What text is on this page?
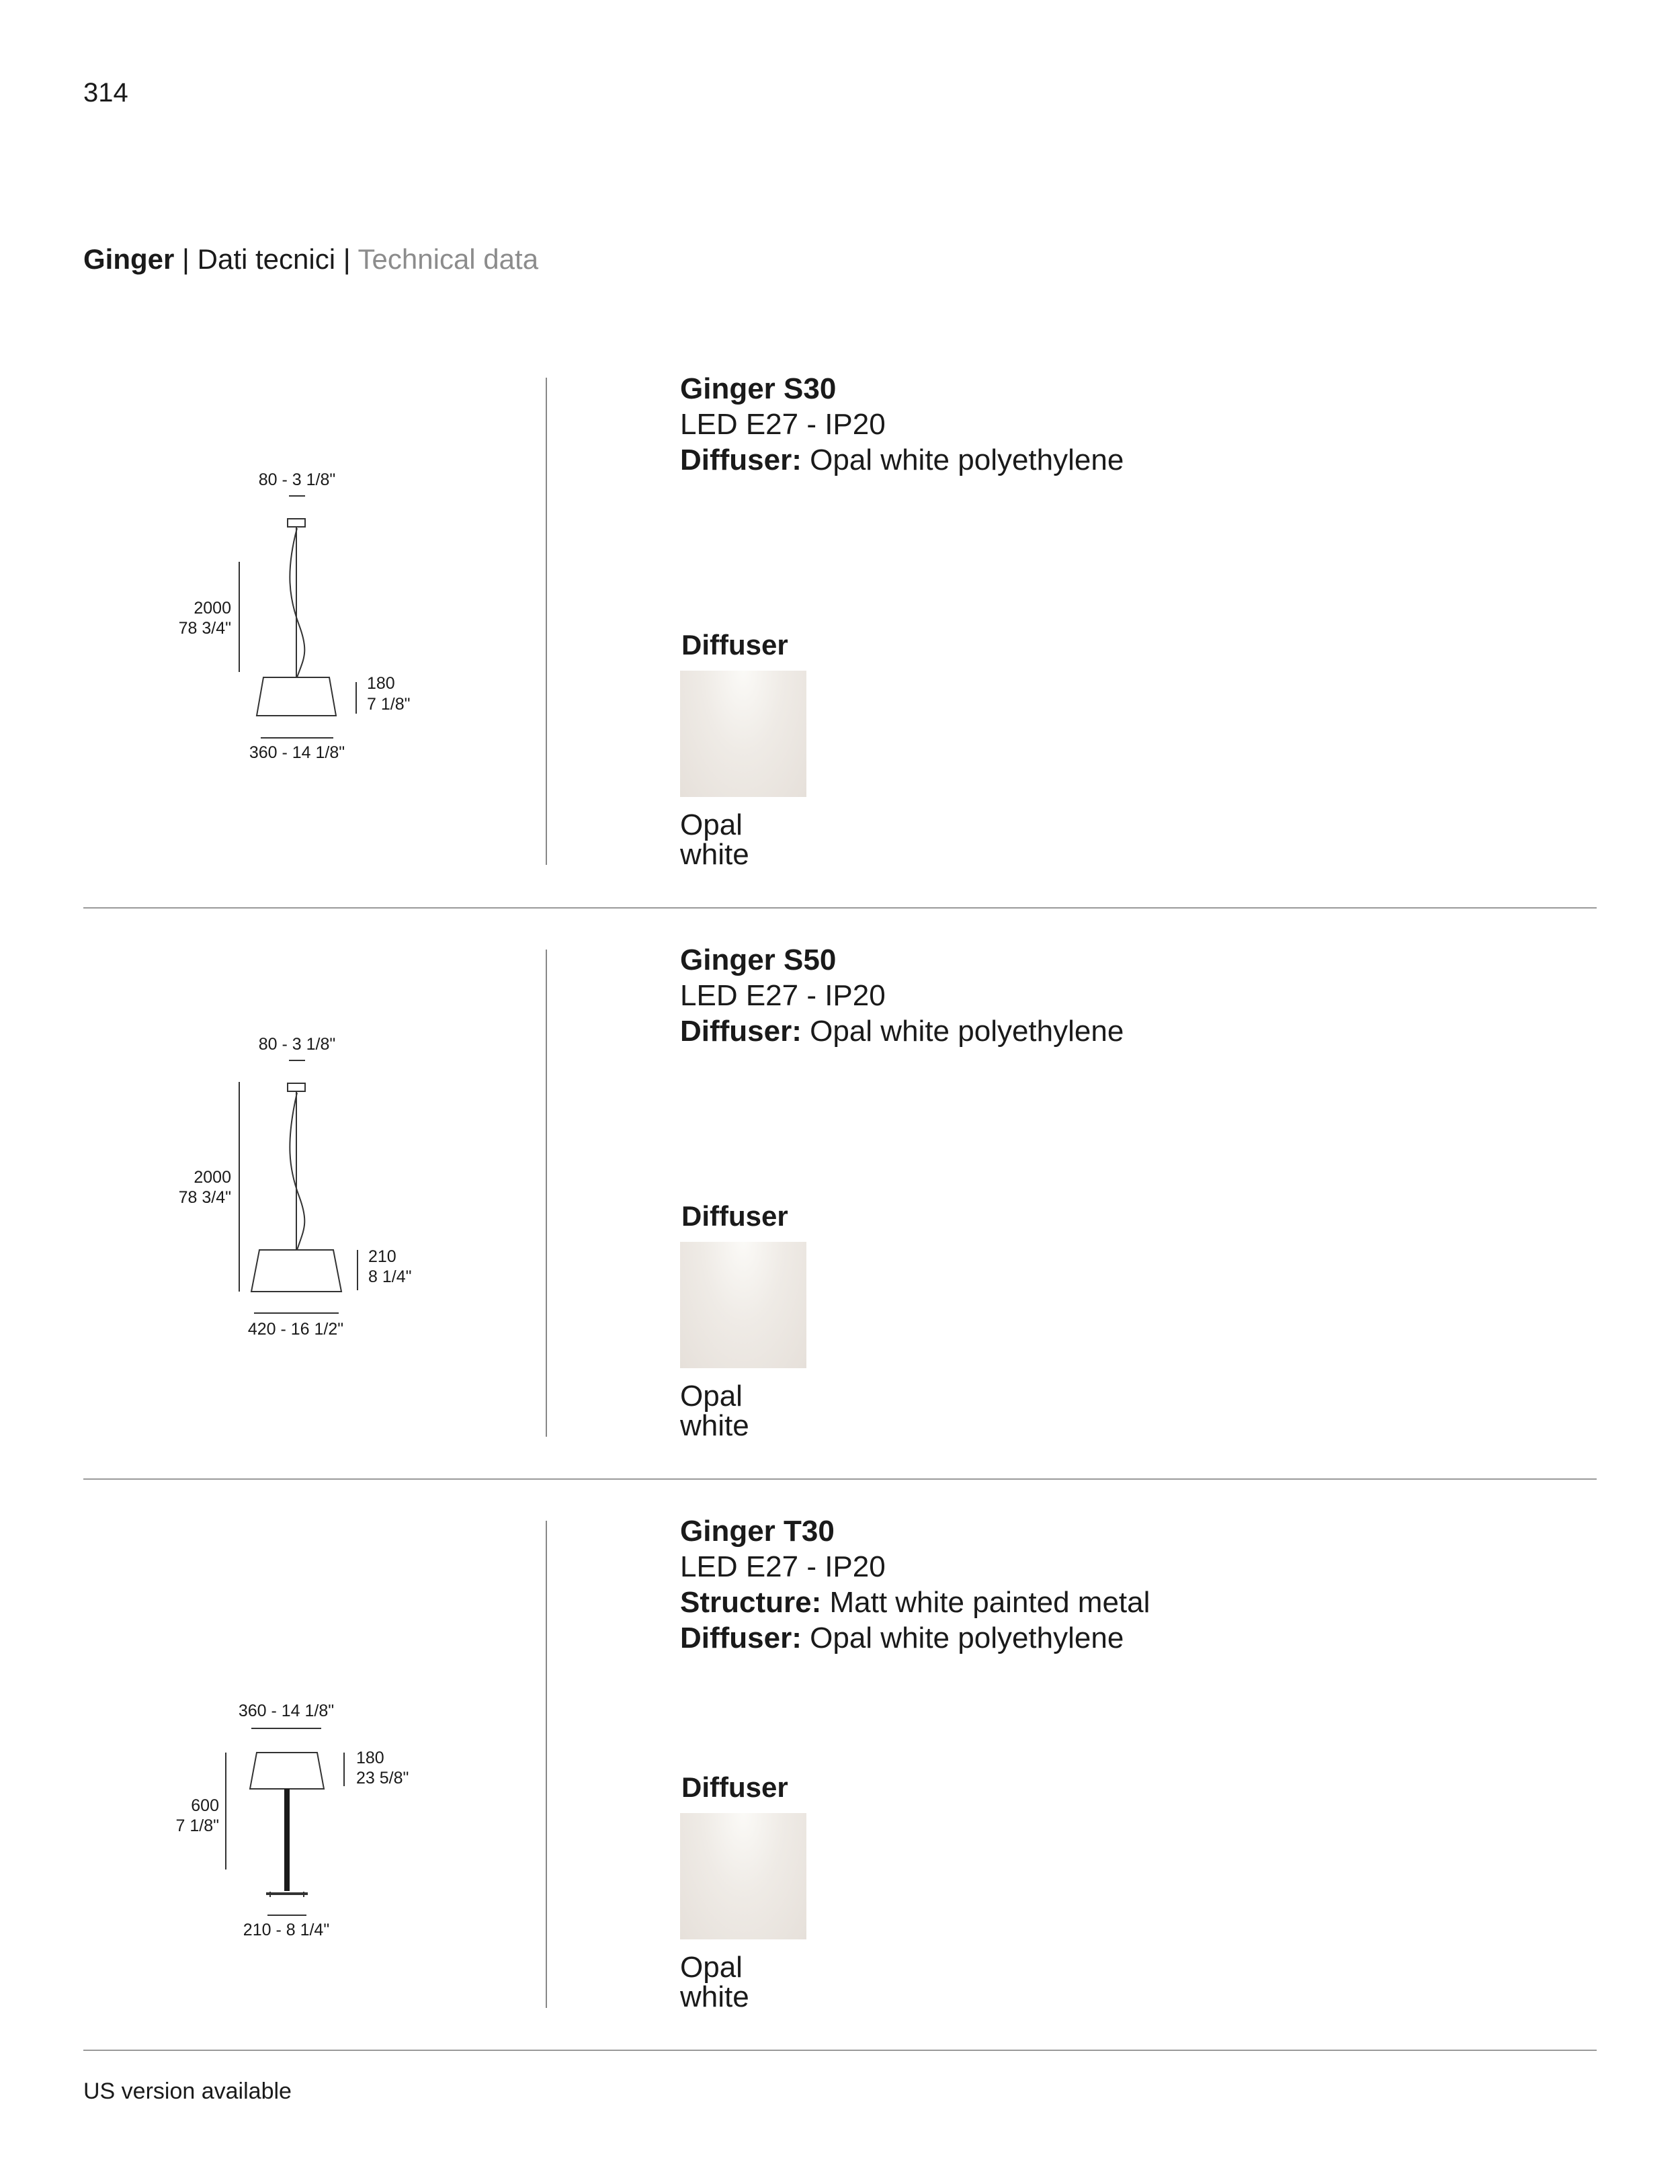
314
Ginger | Dati tecnici | Technical data
80 - 3 1/8"
2000
78 3/4"
180
7 1/8"
360 - 14 1/8"
Ginger S30
LED E27 - IP20
Diffuser: Opal white polyethylene
Diffuser
Opal
white
80 - 3 1/8"
2000
78 3/4"
210
8 1/4"
420 - 16 1/2"
Ginger S50
LED E27 - IP20
Diffuser: Opal white polyethylene
Diffuser
Opal
white
360 - 14 1/8"
600
7 1/8"
180
23 5/8"
210 - 8 1/4"
Ginger T30
LED E27 - IP20
Structure: Matt white painted metal
Diffuser: Opal white polyethylene
Diffuser
Opal
white
US version available
